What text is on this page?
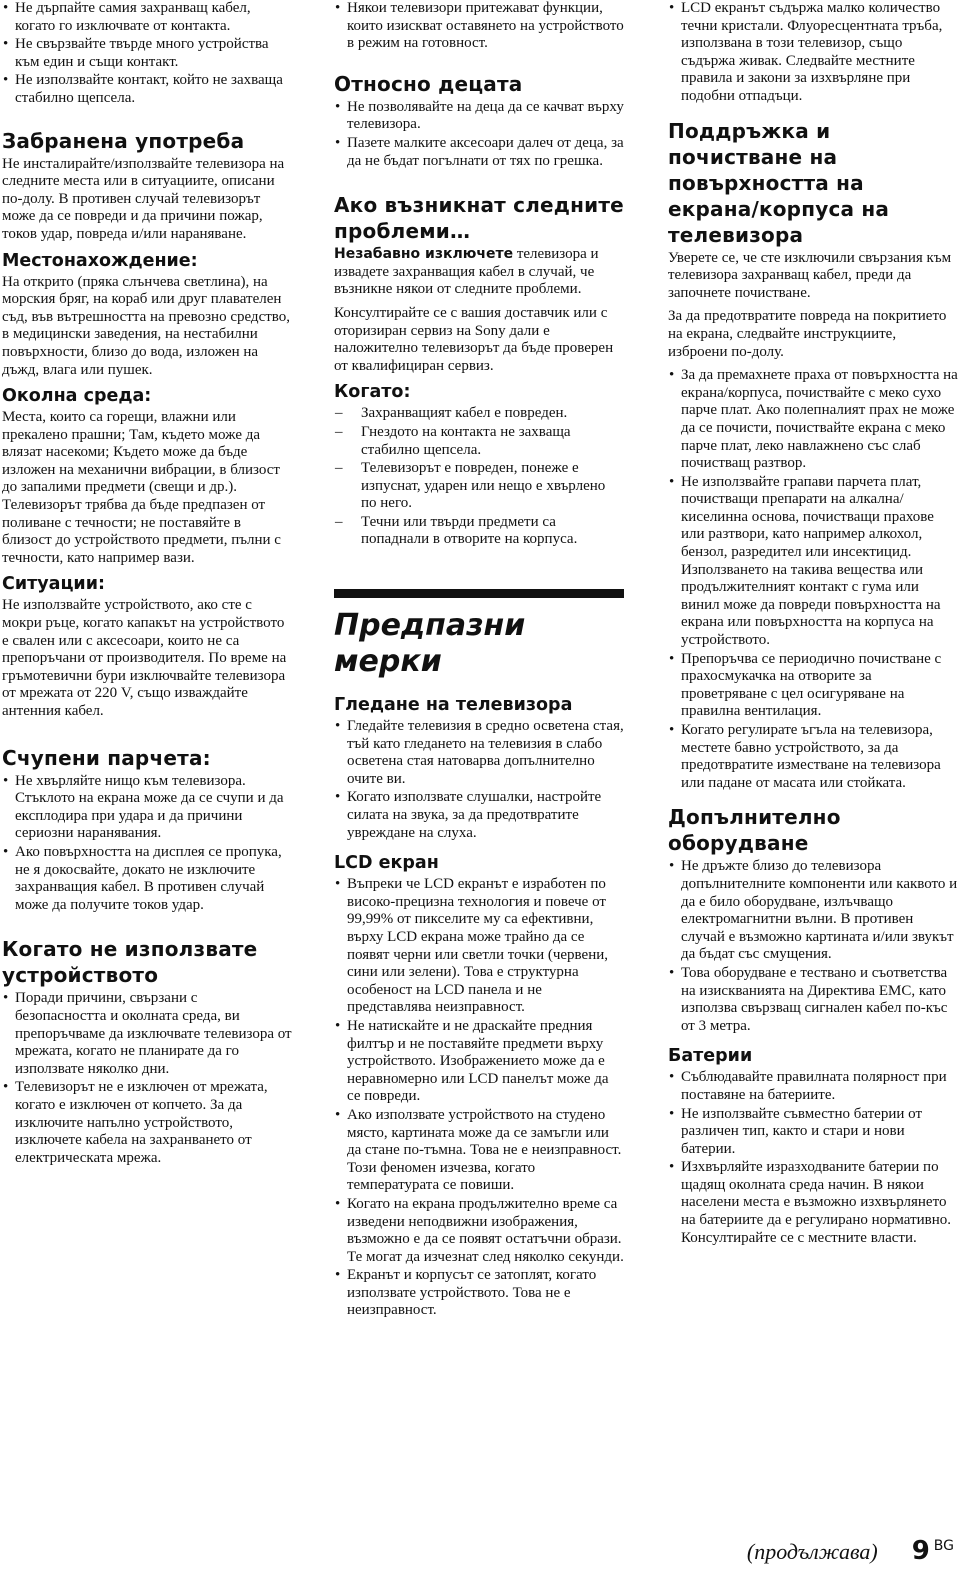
• Не дърпайте самия захранващ кабел, когато го изключвате от контакта.
• Не свързвайте твърде много устройства към един и същи контакт.
• Не използвайте контакт, който не захваща стабилно щепсела.
Забранена употреба

Не инсталирайте/използвайте телевизора на следните места или в ситуациите, описани по-долу. В противен случай телевизорът може да се повреди и да причини пожар, токов удар, повреда и/или нараняване.

Местонахождение:

На открито (пряка слънчева светлина), на морския бряг, на кораб или друг плавателен съд, във вътрешността на превозно средство, в медицински заведения, на нестабилни повърхности, близо до вода, изложен на дъжд, влага или пушек.

Околна среда:

Места, които са горещи, влажни или прекалено прашни; Там, където може да влязат насекоми; Където може да бъде изложен на механични вибрации, в близост до запалими предмети (свещи и др.). Телевизорът трябва да бъде предпазен от поливане с течности; не поставяйте в близост до устройството предмети, пълни с течности, като например вази.

Ситуации:

Не използвайте устройството, ако сте с мокри ръце, когато капакът на устройството е свален или с аксесоари, които не са препоръчани от производителя. По време на гръмотевични бури изключвайте телевизора от мрежата от 220 V, също изваждайте антенния кабел.

Счупени парчета:
• Не хвърляйте нищо към телевизора. Стъклото на екрана може да се счупи и да експлодира при удара и да причини сериозни наранявания.
• Ако повърхността на дисплея се пропука, не я докосвайте, докато не изключите захранващия кабел. В противен случай може да получите токов удар.
Когато не използвате устройството
• Поради причини, свързани с безопасността и околната среда, ви препоръчваме да изключвате телевизора от мрежата, когато не планирате да го използвате няколко дни.
• Телевизорът не е изключен от мрежата, когато е изключен от копчето. За да изключите напълно устройството, изключете кабела на захранването от електрическата мрежа.
• Някои телевизори притежават функции, които изискват оставянето на устройството в режим на готовност.
Относно децата
• Не позволявайте на деца да се качват върху телевизора.
• Пазете малките аксесоари далеч от деца, за да не бъдат погълнати от тях по грешка.
Ако възникнат следните проблеми…

Незабавно изключете телевизора и извадете захранващия кабел в случай, че възникне някои от следните проблеми.

Консултирайте се с вашия доставчик или с оторизиран сервиз на Sony дали е наложително телевизорът да бъде проверен от квалифициран сервиз.

Когато:
– Захранващият кабел е повреден.
– Гнездото на контакта не захваща стабилно щепсела.
– Телевизорът е повреден, понеже е изпуснат, ударен или нещо е хвърлено по него.
– Течни или твърди предмети са попаднали в отворите на корпуса.
Предпазни мерки
Гледане на телевизора
• Гледайте телевизия в средно осветена стая, тъй като гледането на телевизия в слабо осветена стая натоварва допълнително очите ви.
• Когато използвате слушалки, настройте силата на звука, за да предотвратите увреждане на слуха.
LCD екран
• Въпреки че LCD екранът е изработен по високо-прецизна технология и повече от 99,99% от пикселите му са ефективни, върху LCD екрана може трайно да се появят черни или светли точки (червени, сини или зелени). Това е структурна особеност на LCD панела и не представлява неизправност.
• Не натискайте и не драскайте предния филтър и не поставяйте предмети върху устройството. Изображението може да е неравномерно или LCD панелът може да се повреди.
• Ако използвате устройството на студено място, картината може да се замъгли или да стане по-тъмна. Това не е неизправност. Този феномен изчезва, когато температурата се повиши.
• Когато на екрана продължително време са изведени неподвижни изображения, възможно е да се появят остатъчни образи. Те могат да изчезнат след няколко секунди.
• Екранът и корпусът се затоплят, когато използвате устройството. Това не е неизправност.
• LCD екранът съдържа малко количество течни кристали. Флуоресцентната тръба, използвана в този телевизор, също съдържа живак. Следвайте местните правила и закони за изхвърляне при подобни отпадъци.
Поддръжка и почистване на повърхността на екрана/корпуса на телевизора

Уверете се, че сте изключили свързания към телевизора захранващ кабел, преди да започнете почистване.

За да предотвратите повреда на покритието на екрана, следвайте инструкциите, изброени по-долу.

• За да премахнете праха от повърхността на екрана/корпуса, почиствайте с меко сухо парче плат. Ако полепналият прах не може да се почисти, почиствайте екрана с меко парче плат, леко навлажнено със слаб почистващ разтвор.
• Не използвайте грапави парчета плат, почистващи препарати на алкална/киселинна основа, почистващи прахове или разтвори, като например алкохол, бензол, разредител или инсектицид. Използването на такива вещества или продължителният контакт с гума или винил може да повреди повърхността на екрана или повърхността на корпуса на устройството.
• Препоръчва се периодично почистване с прахосмукачка на отворите за проветряване с цел осигуряване на правилна вентилация.
• Когато регулирате ъгъла на телевизора, местете бавно устройството, за да предотвратите изместване на телевизора или падане от масата или стойката.
Допълнително оборудване
• Не дръжте близо до телевизора допълнителните компоненти или каквото и да е било оборудване, излъчващо електромагнитни вълни. В противен случай е възможно картината и/или звукът да бъдат със смущения.
• Това оборудване е тествано и съответства на изискванията на Директива EMC, като използва свързващ сигнален кабел по-къс от 3 метра.
Батерии
• Съблюдавайте правилната полярност при поставяне на батериите.
• Не използвайте съвместно батерии от различен тип, както и стари и нови батерии.
• Изхвърляйте изразходваните батерии по щадящ околната среда начин. В някои населени места е възможно изхвърлянето на батериите да е регулирано нормативно. Консултирайте се с местните власти.
(продължава) 9 BG
